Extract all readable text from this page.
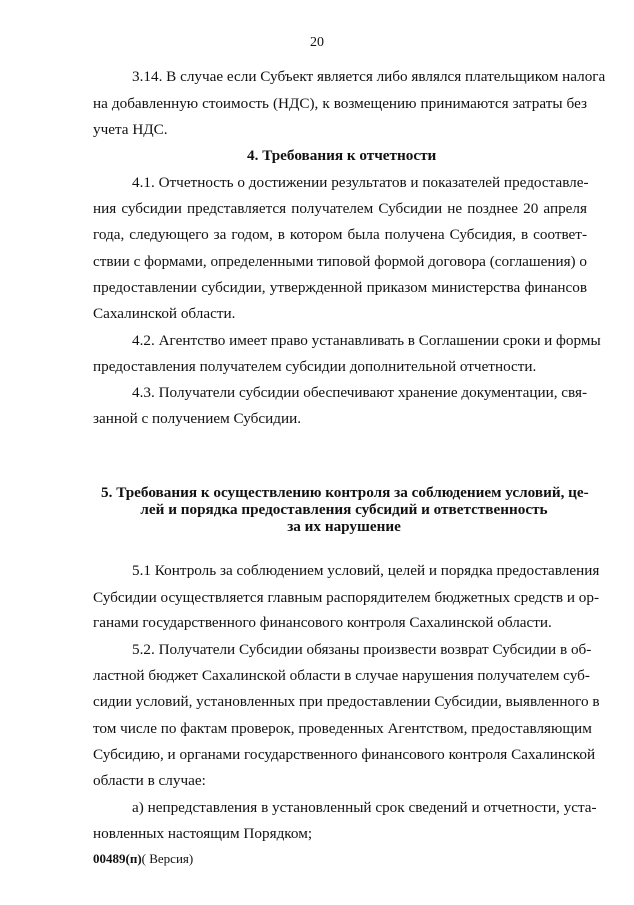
20
3.14. В случае если Субъект является либо являлся плательщиком налога
на добавленную стоимость (НДС), к возмещению принимаются затраты без
учета НДС.
4. Требования к отчетности
4.1. Отчетность о достижении результатов и показателей предоставле-
ния субсидии представляется получателем Субсидии не позднее 20 апреля
года, следующего за годом, в котором была получена Субсидия, в соответ-
ствии с формами, определенными типовой формой договора (соглашения) о
предоставлении субсидии, утвержденной приказом министерства финансов
Сахалинской области.
4.2. Агентство имеет право устанавливать в Соглашении сроки и формы
предоставления получателем субсидии дополнительной отчетности.
4.3. Получатели субсидии обеспечивают хранение документации, свя-
занной с получением Субсидии.
5. Требования к осуществлению контроля за соблюдением условий, це-
лей и порядка предоставления субсидий и ответственность
за их нарушение
5.1 Контроль за соблюдением условий, целей и порядка предоставления
Субсидии осуществляется главным распорядителем бюджетных средств и ор-
ганами государственного финансового контроля Сахалинской области.
5.2. Получатели Субсидии обязаны произвести возврат Субсидии в об-
ластной бюджет Сахалинской области в случае нарушения получателем суб-
сидии условий, установленных при предоставлении Субсидии, выявленного в
том числе по фактам проверок, проведенных Агентством, предоставляющим
Субсидию, и органами государственного финансового контроля Сахалинской
области в случае:
а) непредставления в установленный срок сведений и отчетности, уста-
новленных настоящим Порядком;
00489(п)( Версия)
